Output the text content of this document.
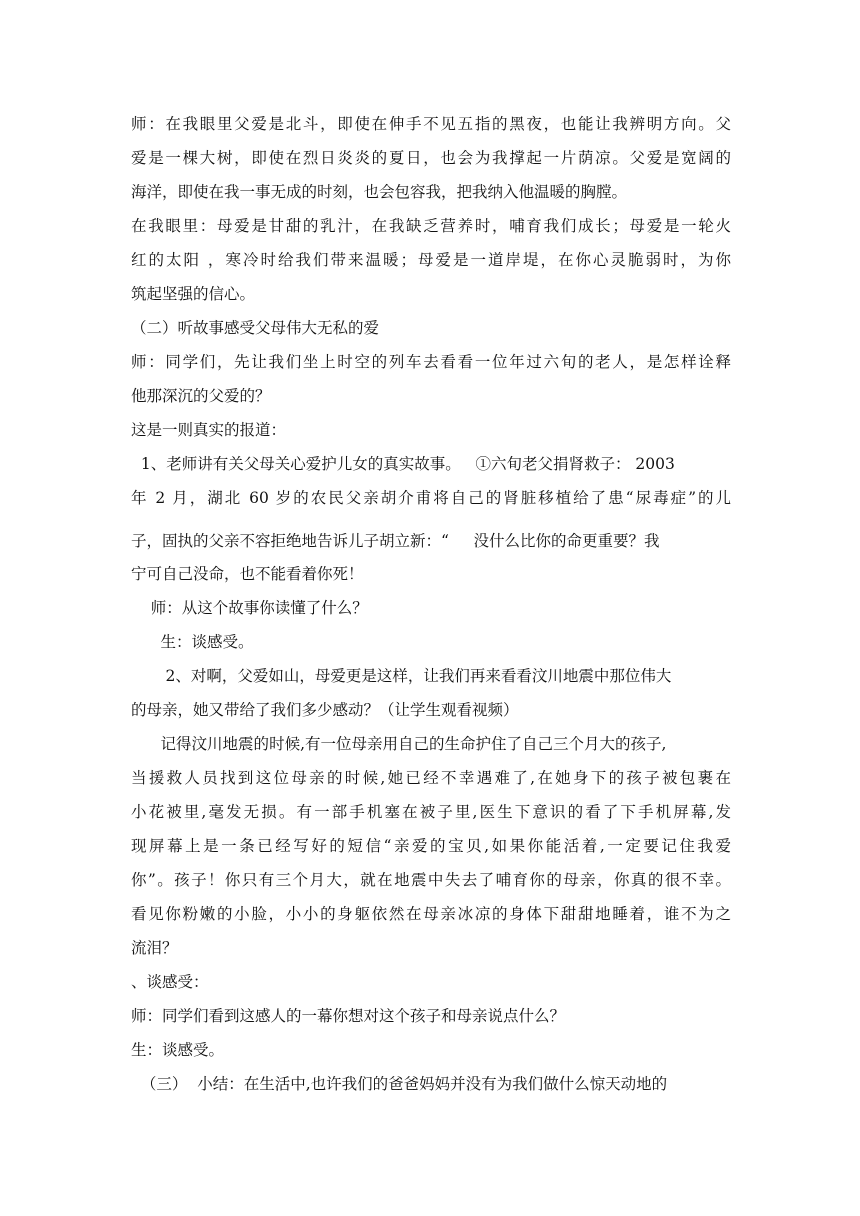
师：在我眼里父爱是北斗，即使在伸手不见五指的黑夜，也能让我辨明方向。父
爱是一棵大树，即使在烈日炎炎的夏日，也会为我撑起一片荫凉。父爱是宽阔的
海洋，即使在我一事无成的时刻，也会包容我，把我纳入他温暖的胸膛。
在我眼里：母爱是甘甜的乳汁，在我缺乏营养时，哺育我们成长；母爱是一轮火
红的太阳 ，寒冷时给我们带来温暖；母爱是一道岸堤，在你心灵脆弱时，为你
筑起坚强的信心。
（二）听故事感受父母伟大无私的爱
师：同学们，先让我们坐上时空的列车去看看一位年过六旬的老人，是怎样诠释
他那深沉的父爱的？
这是一则真实的报道：
1、老师讲有关父母关心爱护儿女的真实故事。   ①六旬老父捐肾救子： 2003
年 2 月，湖北 60 岁的农民父亲胡介甫将自己的肾脏移植给了患“尿毒症”的儿
子，固执的父亲不容拒绝地告诉儿子胡立新：“     没什么比你的命更重要？我
宁可自己没命，也不能看着你死！
师：从这个故事你读懂了什么？
生：谈感受。
2、对啊，父爱如山，母爱更是这样，让我们再来看看汶川地震中那位伟大
的母亲，她又带给了我们多少感动？（让学生观看视频）
记得汶川地震的时候,有一位母亲用自己的生命护住了自己三个月大的孩子,
当援救人员找到这位母亲的时候,她已经不幸遇难了,在她身下的孩子被包裹在
小花被里,毫发无损。有一部手机塞在被子里,医生下意识的看了下手机屏幕,发
现屏幕上是一条已经写好的短信“亲爱的宝贝,如果你能活着,一定要记住我爱
你”。孩子！你只有三个月大，就在地震中失去了哺育你的母亲，你真的很不幸。
看见你粉嫩的小脸，小小的身躯依然在母亲冰凉的身体下甜甜地睡着，谁不为之
流泪？
、谈感受：
师：同学们看到这感人的一幕你想对这个孩子和母亲说点什么？
生：谈感受。
（三）  小结：在生活中,也许我们的爸爸妈妈并没有为我们做什么惊天动地的
